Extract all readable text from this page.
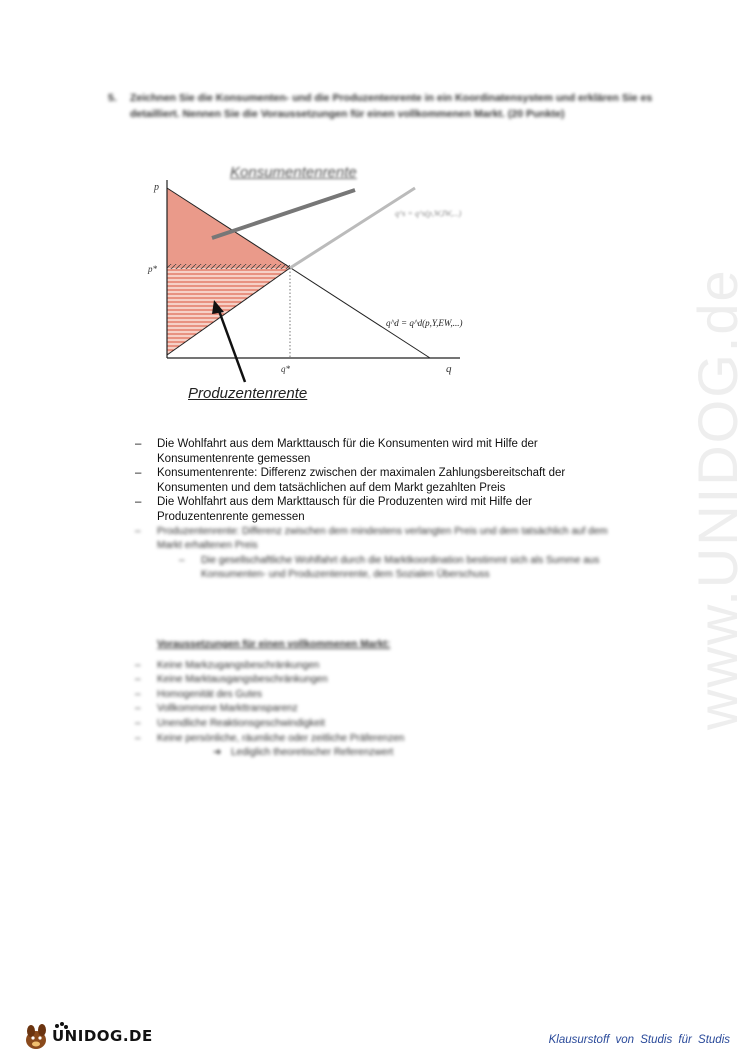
5. Zeichnen Sie die Konsumenten- und die Produzentenrente in ein Koordinatensystem und erklären Sie es detailliert. Nennen Sie die Voraussetzungen für einen vollkommenen Markt. (20 Punkte)
p
q
p*
q*
q^s = q^s(p,W,IW,...)
q^d = q^d(p,Y,EW,...)
Konsumentenrente
Produzentenrente
– Die Wohlfahrt aus dem Markttausch für die Konsumenten wird mit Hilfe der Konsumentenrente gemessen
– Konsumentenrente: Differenz zwischen der maximalen Zahlungsbereitschaft der Konsumenten und dem tatsächlichen auf dem Markt gezahlten Preis
– Die Wohlfahrt aus dem Markttausch für die Produzenten wird mit Hilfe der Produzentenrente gemessen
– Produzentenrente: Differenz zwischen dem mindestens verlangten Preis und dem tatsächlich auf dem Markt erhaltenen Preis
– Die gesellschaftliche Wohlfahrt durch die Marktkoordination bestimmt sich als Summe aus Konsumenten- und Produzentenrente, dem Sozialen Überschuss
Voraussetzungen für einen vollkommenen Markt:
– Keine Markzugangsbeschränkungen
– Keine Marktausgangsbeschränkungen
– Homogenität des Gutes
– Vollkommene Markttransparenz
– Unendliche Reaktionsgeschwindigkeit
– Keine persönliche, räumliche oder zeitliche Präferenzen
➜ Lediglich theoretischer Referenzwert
www.UNIDOG.de
UNIDOG.DE	Klausurstoff von Studis für Studis
